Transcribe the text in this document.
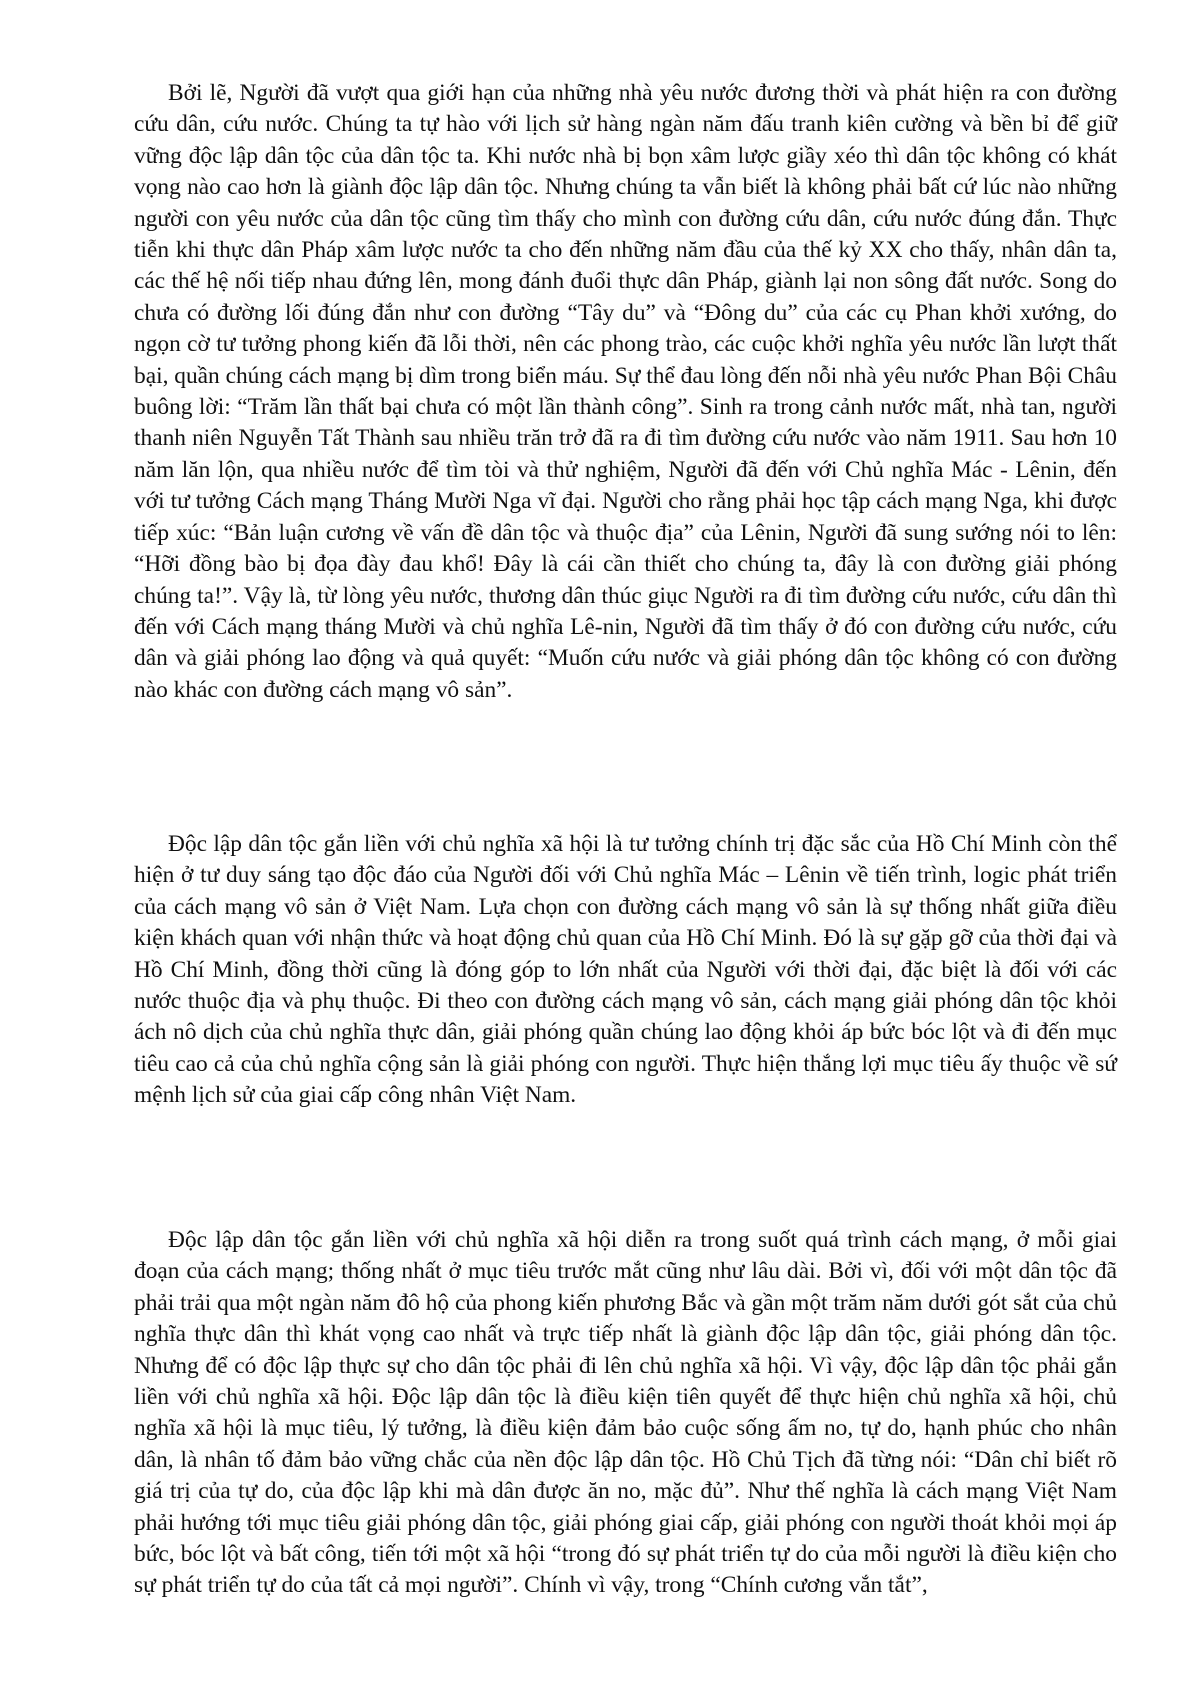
Bởi lẽ, Người đã vượt qua giới hạn của những nhà yêu nước đương thời và phát hiện ra con đường cứu dân, cứu nước. Chúng ta tự hào với lịch sử hàng ngàn năm đấu tranh kiên cường và bền bỉ để giữ vững độc lập dân tộc của dân tộc ta. Khi nước nhà bị bọn xâm lược giầy xéo thì dân tộc không có khát vọng nào cao hơn là giành độc lập dân tộc. Nhưng chúng ta vẫn biết là không phải bất cứ lúc nào những người con yêu nước của dân tộc cũng tìm thấy cho mình con đường cứu dân, cứu nước đúng đắn. Thực tiễn khi thực dân Pháp xâm lược nước ta cho đến những năm đầu của thế kỷ XX cho thấy, nhân dân ta, các thế hệ nối tiếp nhau đứng lên, mong đánh đuổi thực dân Pháp, giành lại non sông đất nước. Song do chưa có đường lối đúng đắn như con đường “Tây du” và “Đông du” của các cụ Phan khởi xướng, do ngọn cờ tư tưởng phong kiến đã lỗi thời, nên các phong trào, các cuộc khởi nghĩa yêu nước lần lượt thất bại, quần chúng cách mạng bị dìm trong biển máu. Sự thể đau lòng đến nỗi nhà yêu nước Phan Bội Châu buông lời: “Trăm lần thất bại chưa có một lần thành công”. Sinh ra trong cảnh nước mất, nhà tan, người thanh niên Nguyễn Tất Thành sau nhiều trăn trở đã ra đi tìm đường cứu nước vào năm 1911. Sau hơn 10 năm lăn lộn, qua nhiều nước để tìm tòi và thử nghiệm, Người đã đến với Chủ nghĩa Mác - Lênin, đến với tư tưởng Cách mạng Tháng Mười Nga vĩ đại. Người cho rằng phải học tập cách mạng Nga, khi được tiếp xúc: “Bản luận cương về vấn đề dân tộc và thuộc địa” của Lênin, Người đã sung sướng nói to lên: “Hỡi đồng bào bị đọa đày đau khổ! Đây là cái cần thiết cho chúng ta, đây là con đường giải phóng chúng ta!”. Vậy là, từ lòng yêu nước, thương dân thúc giục Người ra đi tìm đường cứu nước, cứu dân thì đến với Cách mạng tháng Mười và chủ nghĩa Lê-nin, Người đã tìm thấy ở đó con đường cứu nước, cứu dân và giải phóng lao động và quả quyết: “Muốn cứu nước và giải phóng dân tộc không có con đường nào khác con đường cách mạng vô sản”.

Độc lập dân tộc gắn liền với chủ nghĩa xã hội là tư tưởng chính trị đặc sắc của Hồ Chí Minh còn thể hiện ở tư duy sáng tạo độc đáo của Người đối với Chủ nghĩa Mác – Lênin về tiến trình, logic phát triển của cách mạng vô sản ở Việt Nam. Lựa chọn con đường cách mạng vô sản là sự thống nhất giữa điều kiện khách quan với nhận thức và hoạt động chủ quan của Hồ Chí Minh. Đó là sự gặp gỡ của thời đại và Hồ Chí Minh, đồng thời cũng là đóng góp to lớn nhất của Người với thời đại, đặc biệt là đối với các nước thuộc địa và phụ thuộc. Đi theo con đường cách mạng vô sản, cách mạng giải phóng dân tộc khỏi ách nô dịch của chủ nghĩa thực dân, giải phóng quần chúng lao động khỏi áp bức bóc lột và đi đến mục tiêu cao cả của chủ nghĩa cộng sản là giải phóng con người. Thực hiện thắng lợi mục tiêu ấy thuộc về sứ mệnh lịch sử của giai cấp công nhân Việt Nam.

Độc lập dân tộc gắn liền với chủ nghĩa xã hội diễn ra trong suốt quá trình cách mạng, ở mỗi giai đoạn của cách mạng; thống nhất ở mục tiêu trước mắt cũng như lâu dài. Bởi vì, đối với một dân tộc đã phải trải qua một ngàn năm đô hộ của phong kiến phương Bắc và gần một trăm năm dưới gót sắt của chủ nghĩa thực dân thì khát vọng cao nhất và trực tiếp nhất là giành độc lập dân tộc, giải phóng dân tộc. Nhưng để có độc lập thực sự cho dân tộc phải đi lên chủ nghĩa xã hội. Vì vậy, độc lập dân tộc phải gắn liền với chủ nghĩa xã hội. Độc lập dân tộc là điều kiện tiên quyết để thực hiện chủ nghĩa xã hội, chủ nghĩa xã hội là mục tiêu, lý tưởng, là điều kiện đảm bảo cuộc sống ấm no, tự do, hạnh phúc cho nhân dân, là nhân tố đảm bảo vững chắc của nền độc lập dân tộc. Hồ Chủ Tịch đã từng nói: “Dân chỉ biết rõ giá trị của tự do, của độc lập khi mà dân được ăn no, mặc đủ”. Như thế nghĩa là cách mạng Việt Nam phải hướng tới mục tiêu giải phóng dân tộc, giải phóng giai cấp, giải phóng con người thoát khỏi mọi áp bức, bóc lột và bất công, tiến tới một xã hội “trong đó sự phát triển tự do của mỗi người là điều kiện cho sự phát triển tự do của tất cả mọi người”. Chính vì vậy, trong “Chính cương vắn tắt”,
